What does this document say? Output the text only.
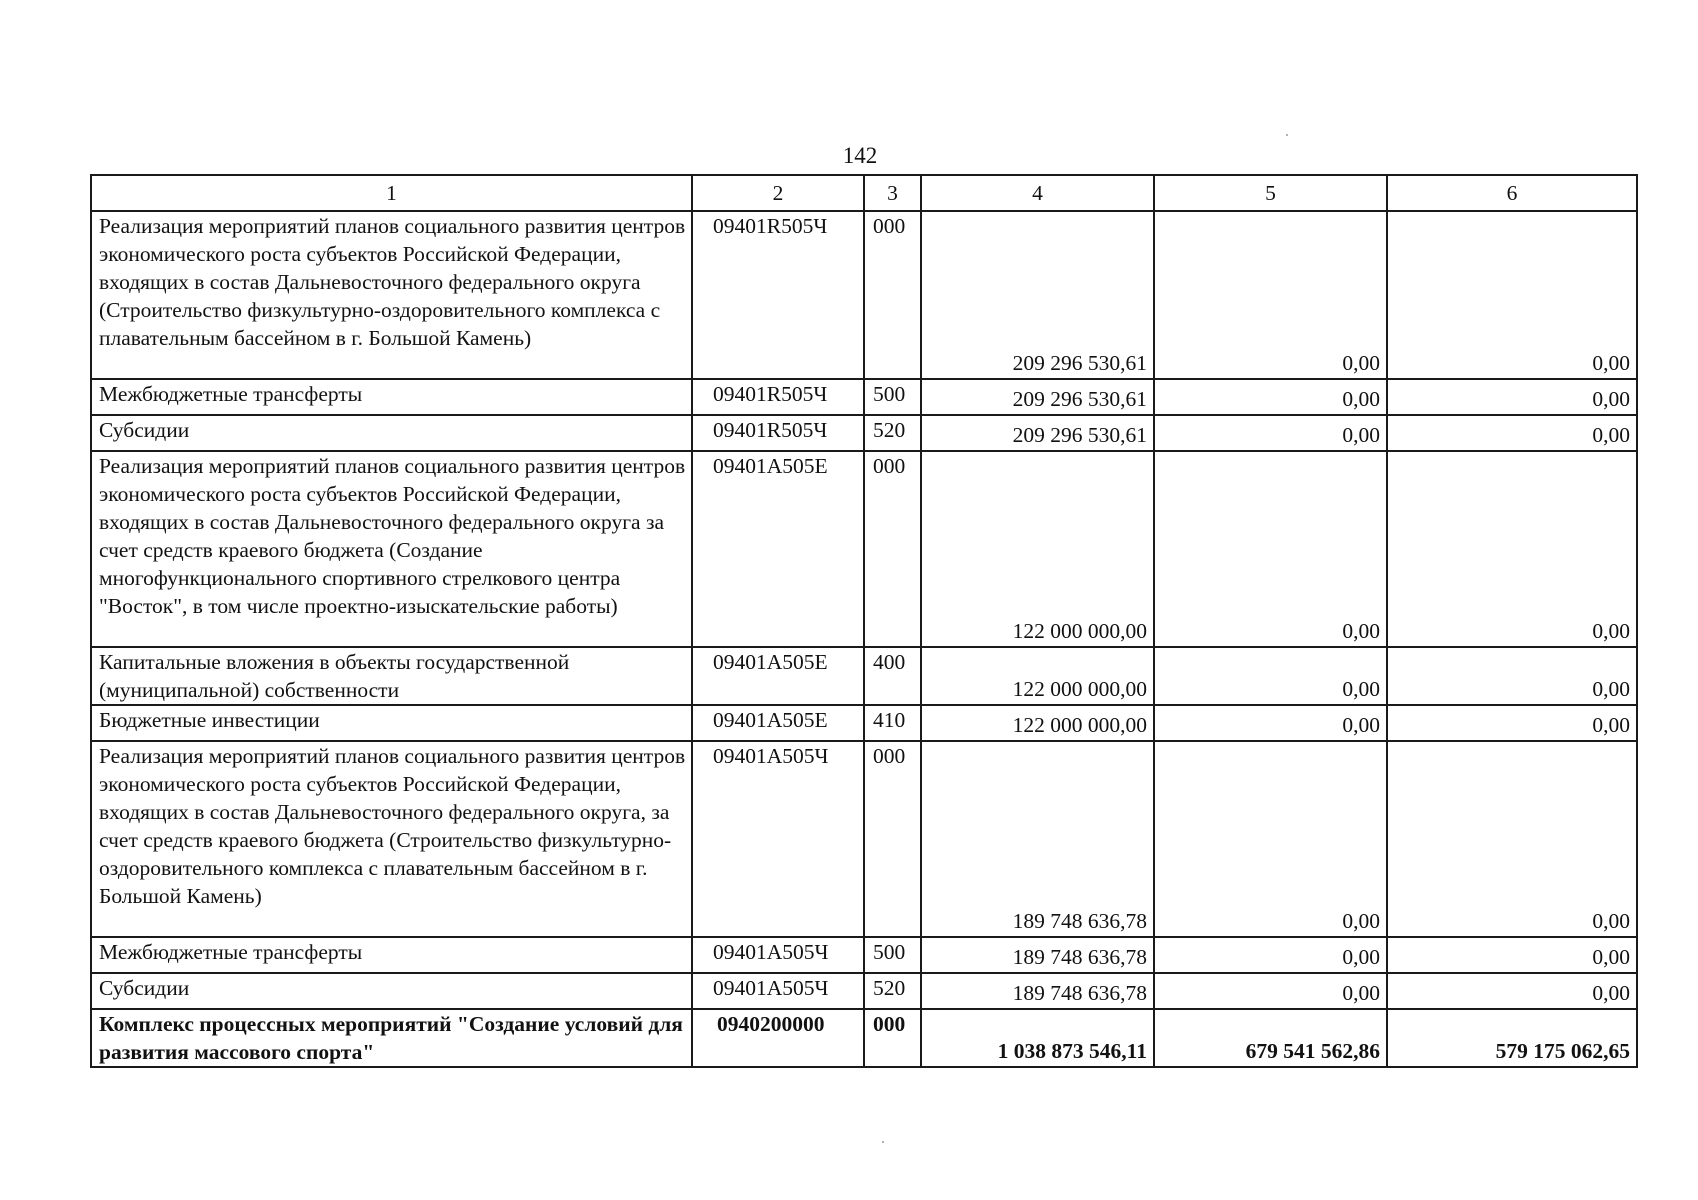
142
1	2	3	4	5	6
Реализация мероприятий планов социального развития центров экономического роста субъектов Российской Федерации, входящих в состав Дальневосточного федерального округа (Строительство физкультурно-оздоровительного комплекса с плавательным бассейном в г. Большой Камень)	09401R505Ч	000	209 296 530,61	0,00	0,00
Межбюджетные трансферты	09401R505Ч	500	209 296 530,61	0,00	0,00
Субсидии	09401R505Ч	520	209 296 530,61	0,00	0,00
Реализация мероприятий планов социального развития центров экономического роста субъектов Российской Федерации, входящих в состав Дальневосточного федерального округа за счет средств краевого бюджета (Создание многофункционального спортивного стрелкового центра "Восток", в том числе проектно-изыскательские работы)	09401A505E	000	122 000 000,00	0,00	0,00
Капитальные вложения в объекты государственной (муниципальной) собственности	09401A505E	400	122 000 000,00	0,00	0,00
Бюджетные инвестиции	09401A505E	410	122 000 000,00	0,00	0,00
Реализация мероприятий планов социального развития центров экономического роста субъектов Российской Федерации, входящих в состав Дальневосточного федерального округа, за счет средств краевого бюджета (Строительство физкультурно-оздоровительного комплекса с плавательным бассейном в г. Большой Камень)	09401A505Ч	000	189 748 636,78	0,00	0,00
Межбюджетные трансферты	09401A505Ч	500	189 748 636,78	0,00	0,00
Субсидии	09401A505Ч	520	189 748 636,78	0,00	0,00
Комплекс процессных мероприятий "Создание условий для развития массового спорта"	0940200000	000	1 038 873 546,11	679 541 562,86	579 175 062,65
